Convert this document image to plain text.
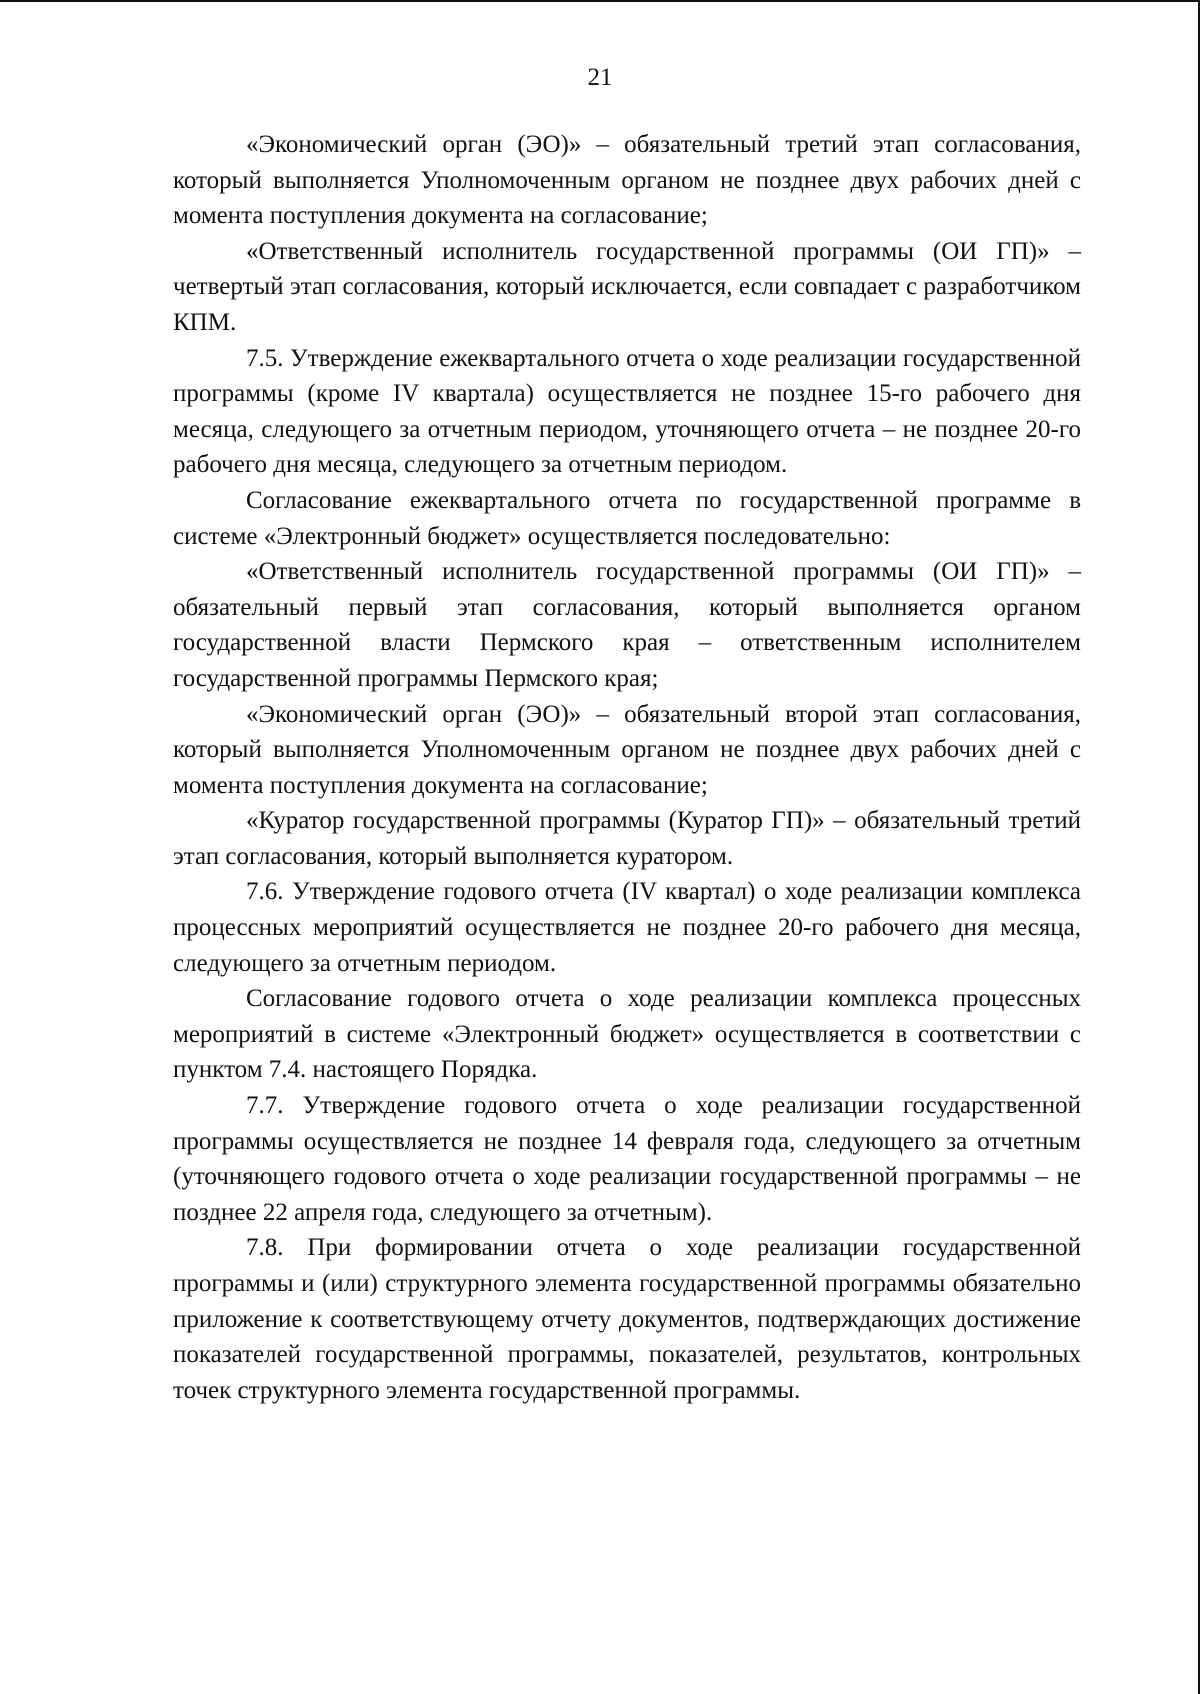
21

«Экономический орган (ЭО)» – обязательный третий этап согласования, который выполняется Уполномоченным органом не позднее двух рабочих дней с момента поступления документа на согласование;

«Ответственный исполнитель государственной программы (ОИ ГП)» – четвертый этап согласования, который исключается, если совпадает с разработчиком КПМ.

7.5. Утверждение ежеквартального отчета о ходе реализации государственной программы (кроме IV квартала) осуществляется не позднее 15-го рабочего дня месяца, следующего за отчетным периодом, уточняющего отчета – не позднее 20-го рабочего дня месяца, следующего за отчетным периодом.

Согласование ежеквартального отчета по государственной программе в системе «Электронный бюджет» осуществляется последовательно:

«Ответственный исполнитель государственной программы (ОИ ГП)» – обязательный первый этап согласования, который выполняется органом государственной власти Пермского края – ответственным исполнителем государственной программы Пермского края;

«Экономический орган (ЭО)» – обязательный второй этап согласования, который выполняется Уполномоченным органом не позднее двух рабочих дней с момента поступления документа на согласование;

«Куратор государственной программы (Куратор ГП)» – обязательный третий этап согласования, который выполняется куратором.

7.6. Утверждение годового отчета (IV квартал) о ходе реализации комплекса процессных мероприятий осуществляется не позднее 20-го рабочего дня месяца, следующего за отчетным периодом.

Согласование годового отчета о ходе реализации комплекса процессных мероприятий в системе «Электронный бюджет» осуществляется в соответствии с пунктом 7.4. настоящего Порядка.

7.7. Утверждение годового отчета о ходе реализации государственной программы осуществляется не позднее 14 февраля года, следующего за отчетным (уточняющего годового отчета о ходе реализации государственной программы – не позднее 22 апреля года, следующего за отчетным).

7.8. При формировании отчета о ходе реализации государственной программы и (или) структурного элемента государственной программы обязательно приложение к соответствующему отчету документов, подтверждающих достижение показателей государственной программы, показателей, результатов, контрольных точек структурного элемента государственной программы.
